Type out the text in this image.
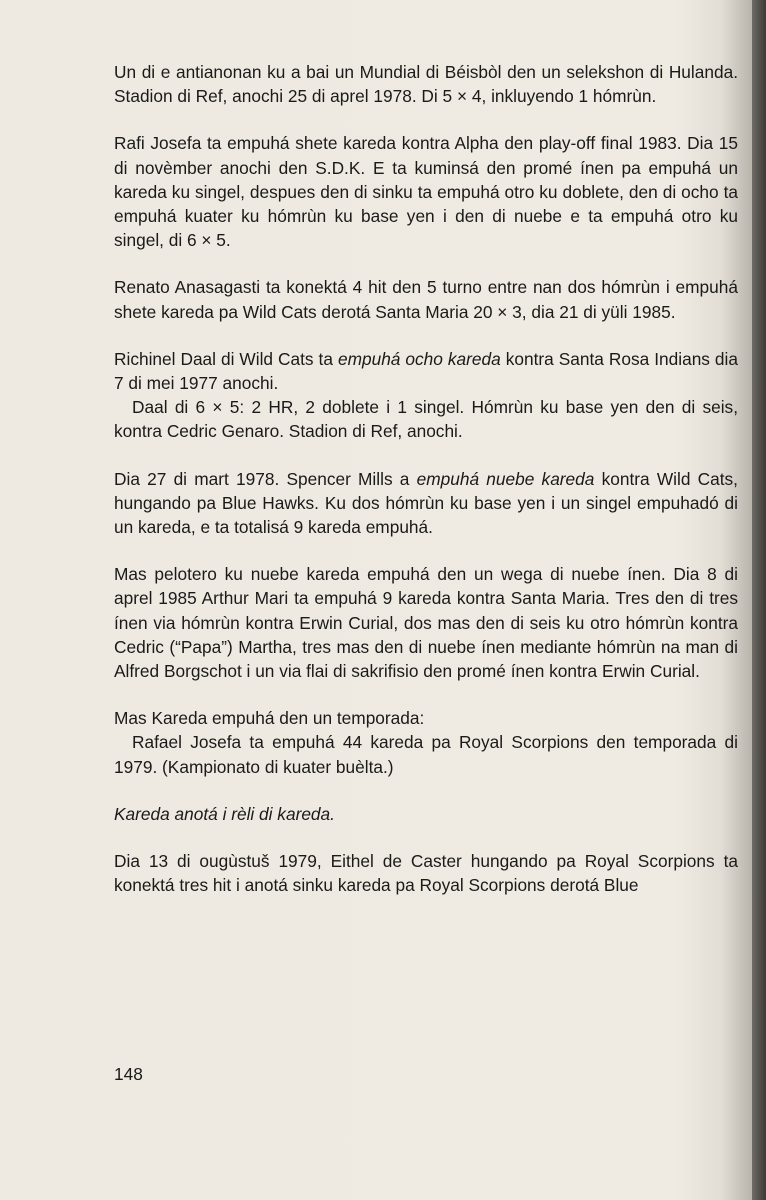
Un di e antianonan ku a bai un Mundial di Béisbòl den un selekshon di Hulanda. Stadion di Ref, anochi 25 di aprel 1978. Di 5 × 4, inkluyendo 1 hómrùn.

Rafi Josefa ta empuhá shete kareda kontra Alpha den play-off final 1983. Dia 15 di novèmber anochi den S.D.K. E ta kuminsá den promé ínen pa empuhá un kareda ku singel, despues den di sinku ta empuhá otro ku doblete, den di ocho ta empuhá kuater ku hómrùn ku base yen i den di nuebe e ta empuhá otro ku singel, di 6 × 5.

Renato Anasagasti ta konektá 4 hit den 5 turno entre nan dos hómrùn i empuhá shete kareda pa Wild Cats derotá Santa Maria 20 × 3, dia 21 di yüli 1985.

Richinel Daal di Wild Cats ta empuhá ocho kareda kontra Santa Rosa Indians dia 7 di mei 1977 anochi.

Daal di 6 × 5: 2 HR, 2 doblete i 1 singel. Hómrùn ku base yen den di seis, kontra Cedric Genaro. Stadion di Ref, anochi.

Dia 27 di mart 1978. Spencer Mills a empuhá nuebe kareda kontra Wild Cats, hungando pa Blue Hawks. Ku dos hómrùn ku base yen i un singel empuhadó di un kareda, e ta totalisá 9 kareda empuhá.

Mas pelotero ku nuebe kareda empuhá den un wega di nuebe ínen. Dia 8 di aprel 1985 Arthur Mari ta empuhá 9 kareda kontra Santa Maria. Tres den di tres ínen via hómrùn kontra Erwin Curial, dos mas den di seis ku otro hómrùn kontra Cedric (“Papa”) Martha, tres mas den di nuebe ínen mediante hómrùn na man di Alfred Borgschot i un via flai di sakrifisio den promé ínen kontra Erwin Curial.

Mas Kareda empuhá den un temporada:

Rafael Josefa ta empuhá 44 kareda pa Royal Scorpions den temporada di 1979. (Kampionato di kuater buèlta.)

Kareda anotá i rèli di kareda.

Dia 13 di ougùstuš 1979, Eithel de Caster hungando pa Royal Scorpions ta konektá tres hit i anotá sinku kareda pa Royal Scorpions derotá Blue

148
